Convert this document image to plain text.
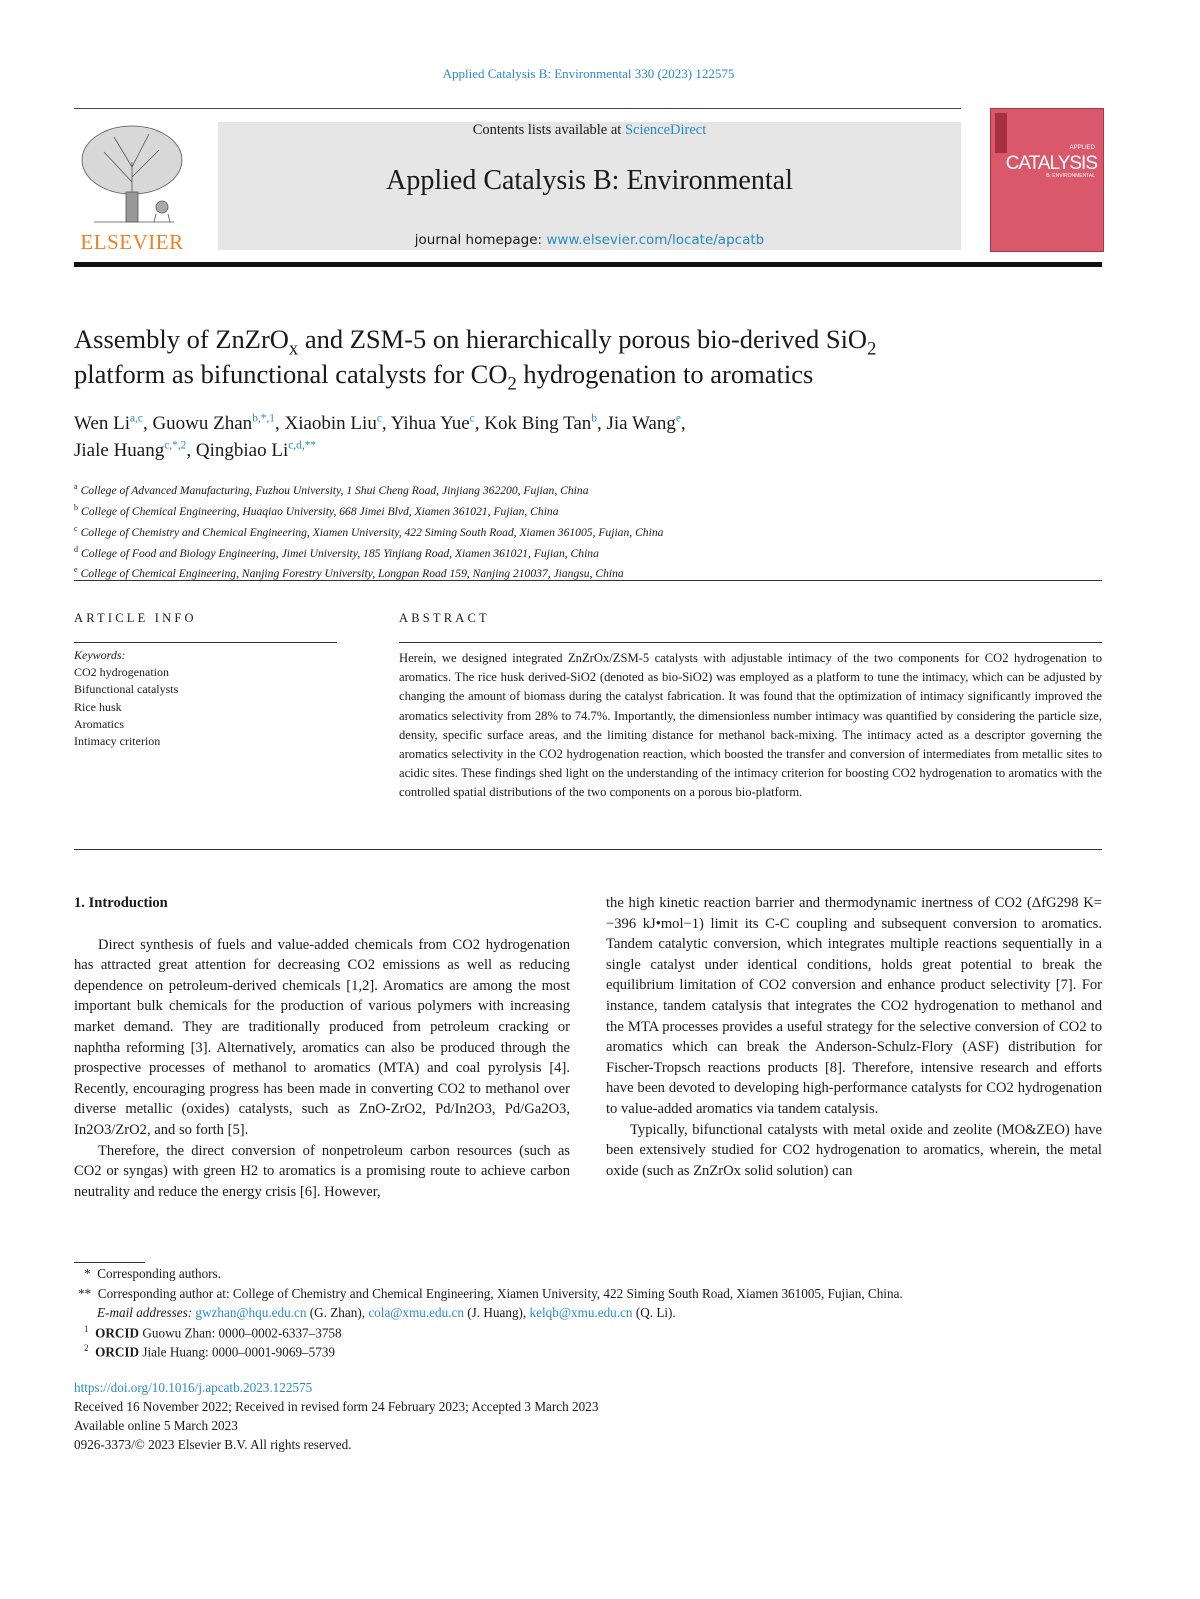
Applied Catalysis B: Environmental 330 (2023) 122575
ELSEVIER
Contents lists available at ScienceDirect
Applied Catalysis B: Environmental
journal homepage: www.elsevier.com/locate/apcatb
APPLIED
CATALYSIS
B: ENVIRONMENTAL
Assembly of ZnZrO$_x$ and ZSM-5 on hierarchically porous bio-derived SiO$_2$
platform as bifunctional catalysts for $CO_2$ hydrogenation to aromatics
Wen Li$^{a,c}$, Guowu Zhan$^{b,*,1}$, Xiaobin Liu$^c$, Yihua Yue$^c$, Kok Bing Tan$^b$, Jia Wang$^e$,
Jiale Huang$^{c,*,2}$, Qingbiao $Li^{c,d,**}$
$^a$ College of Advanced Manufacturing, Fuzhou University, 1 Shui Cheng Road, Jinjiang 362200, Fujian, China
$^b$ College of Chemical Engineering, Huaqiao University, 668 Jimei Blvd, Xiamen 361021, Fujian, China
$^c$ College of Chemistry and Chemical Engineering, Xiamen University, 422 Siming South Road, Xiamen 361005, Fujian, China
$^d$ College of Food and Biology Engineering, Jimei University, 185 Yinjiang Road, Xiamen 361021, Fujian, China
$^e$ College of Chemical Engineering, Nanjing Forestry University, Longpan Road 159, Nanjing 210037, Jiangsu, China
ARTICLE INFO	ABSTRACT
Keywords:
CO2 hydrogenation
Bifunctional catalysts
Rice husk
Aromatics
Intimacy criterion
Herein, we designed integrated ZnZrOx/ZSM-5 catalysts with adjustable intimacy of the two components for CO2 hydrogenation to aromatics. The rice husk derived-SiO2 (denoted as bio-SiO2) was employed as a platform to tune the intimacy, which can be adjusted by changing the amount of biomass during the catalyst fabrication. It was found that the optimization of intimacy significantly improved the aromatics selectivity from 28% to 74.7%. Importantly, the dimensionless number intimacy was quantified by considering the particle size, density, specific surface areas, and the limiting distance for methanol back-mixing. The intimacy acted as a descriptor governing the aromatics selectivity in the CO2 hydrogenation reaction, which boosted the transfer and conversion of intermediates from metallic sites to acidic sites. These findings shed light on the understanding of the intimacy criterion for boosting CO2 hydrogenation to aromatics with the controlled spatial distributions of the two components on a porous bio-platform.
1. Introduction

Direct synthesis of fuels and value-added chemicals from CO2 hydrogenation has attracted great attention for decreasing CO2 emissions as well as reducing dependence on petroleum-derived chemicals [1,2]. Aromatics are among the most important bulk chemicals for the production of various polymers with increasing market demand. They are traditionally produced from petroleum cracking or naphtha reforming [3]. Alternatively, aromatics can also be produced through the prospective processes of methanol to aromatics (MTA) and coal pyrolysis [4]. Recently, encouraging progress has been made in converting CO2 to methanol over diverse metallic (oxides) catalysts, such as ZnO-ZrO2, Pd/In2O3, Pd/Ga2O3, In2O3/ZrO2, and so forth [5].

Therefore, the direct conversion of nonpetroleum carbon resources (such as CO2 or syngas) with green H2 to aromatics is a promising route to achieve carbon neutrality and reduce the energy crisis [6]. However,

the high kinetic reaction barrier and thermodynamic inertness of CO2 (ΔfG298 K= −396 kJ•mol−1) limit its C-C coupling and subsequent conversion to aromatics. Tandem catalytic conversion, which integrates multiple reactions sequentially in a single catalyst under identical conditions, holds great potential to break the equilibrium limitation of CO2 conversion and enhance product selectivity [7]. For instance, tandem catalysis that integrates the CO2 hydrogenation to methanol and the MTA processes provides a useful strategy for the selective conversion of CO2 to aromatics which can break the Anderson-Schulz-Flory (ASF) distribution for Fischer-Tropsch reactions products [8]. Therefore, intensive research and efforts have been devoted to developing high-performance catalysts for CO2 hydrogenation to value-added aromatics via tandem catalysis.

Typically, bifunctional catalysts with metal oxide and zeolite (MO&ZEO) have been extensively studied for CO2 hydrogenation to aromatics, wherein, the metal oxide (such as ZnZrOx solid solution) can

*  Corresponding authors.
**  Corresponding author at: College of Chemistry and Chemical Engineering, Xiamen University, 422 Siming South Road, Xiamen 361005, Fujian, China.
E-mail addresses: gwzhan@hqu.edu.cn (G. Zhan), cola@xmu.edu.cn (J. Huang), kelqb@xmu.edu.cn (Q. Li).
$^1$ ORCID Guowu Zhan: 0000–0002-6337–3758
$^2$ ORCID Jiale Huang: 0000–0001-9069–5739
https://doi.org/10.1016/j.apcatb.2023.122575
Received 16 November 2022; Received in revised form 24 February 2023; Accepted 3 March 2023
Available online 5 March 2023
0926-3373/© 2023 Elsevier B.V. All rights reserved.
